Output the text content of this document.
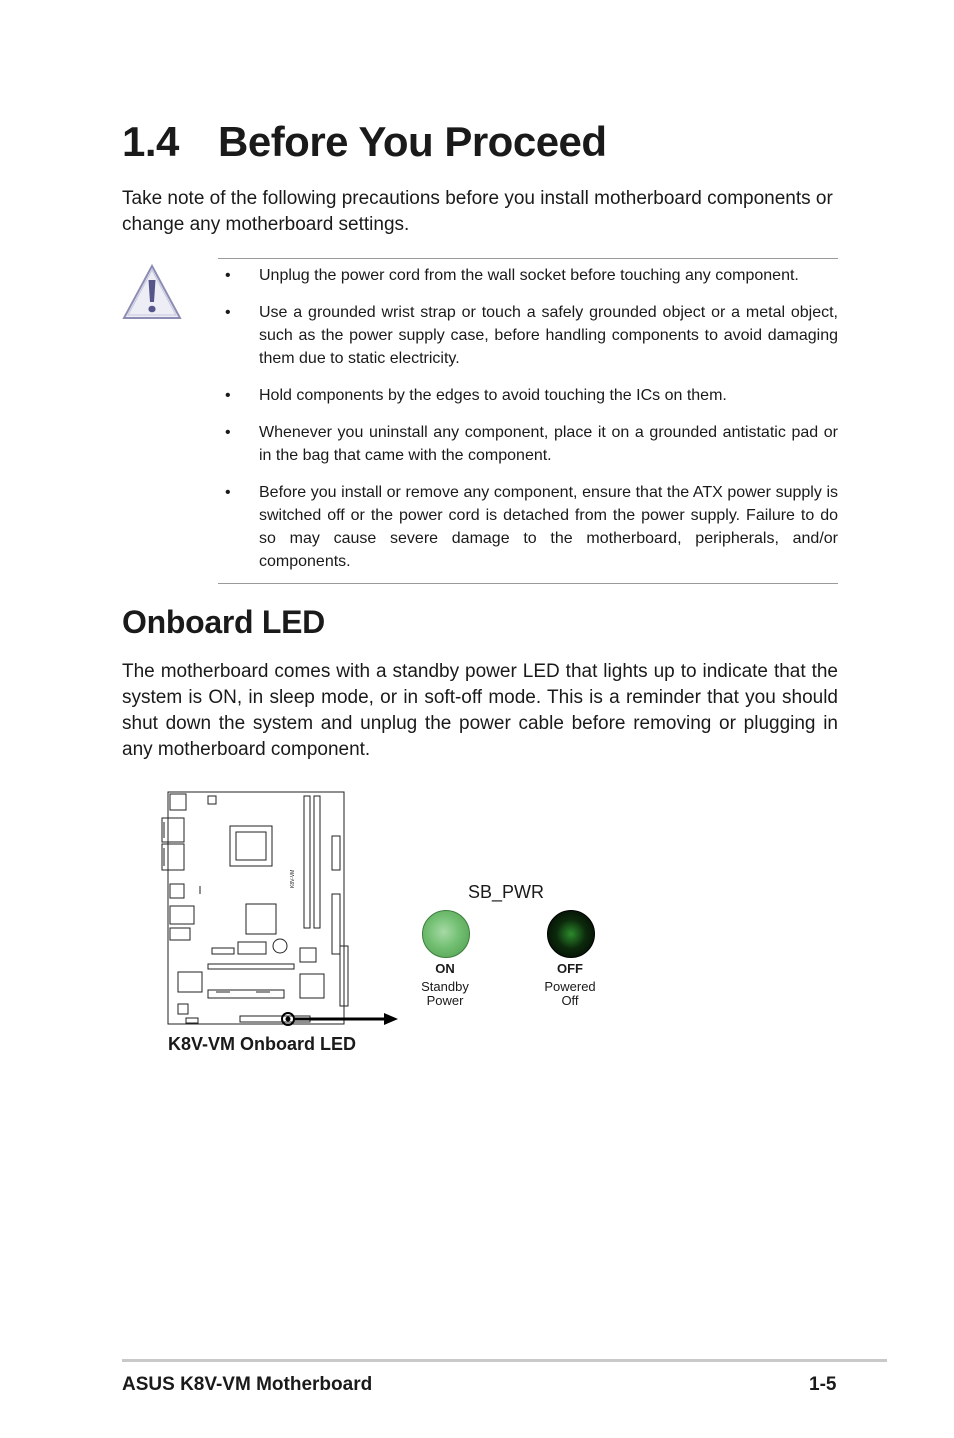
1.4 Before You Proceed
Take note of the following precautions before you install motherboard components or change any motherboard settings.
• Unplug the power cord from the wall socket before touching any component.
• Use a grounded wrist strap or touch a safely grounded object or a metal object, such as the power supply case, before handling components to avoid damaging them due to static electricity.
• Hold components by the edges to avoid touching the ICs on them.
• Whenever you uninstall any component, place it on a grounded antistatic pad or in the bag that came with the component.
• Before you install or remove any component, ensure that the ATX power supply is switched off or the power cord is detached from the power supply. Failure to do so may cause severe damage to the motherboard, peripherals, and/or components.
Onboard LED
The motherboard comes with a standby power LED that lights up to indicate that the system is ON, in sleep mode, or in soft-off mode. This is a reminder that you should shut down the system and unplug the power cable before removing or plugging in any motherboard component.
K8V-VM
K8V-VM Onboard LED
SB_PWR
ON
Standby
Power
OFF
Powered
Off
ASUS K8V-VM Motherboard	1-5
